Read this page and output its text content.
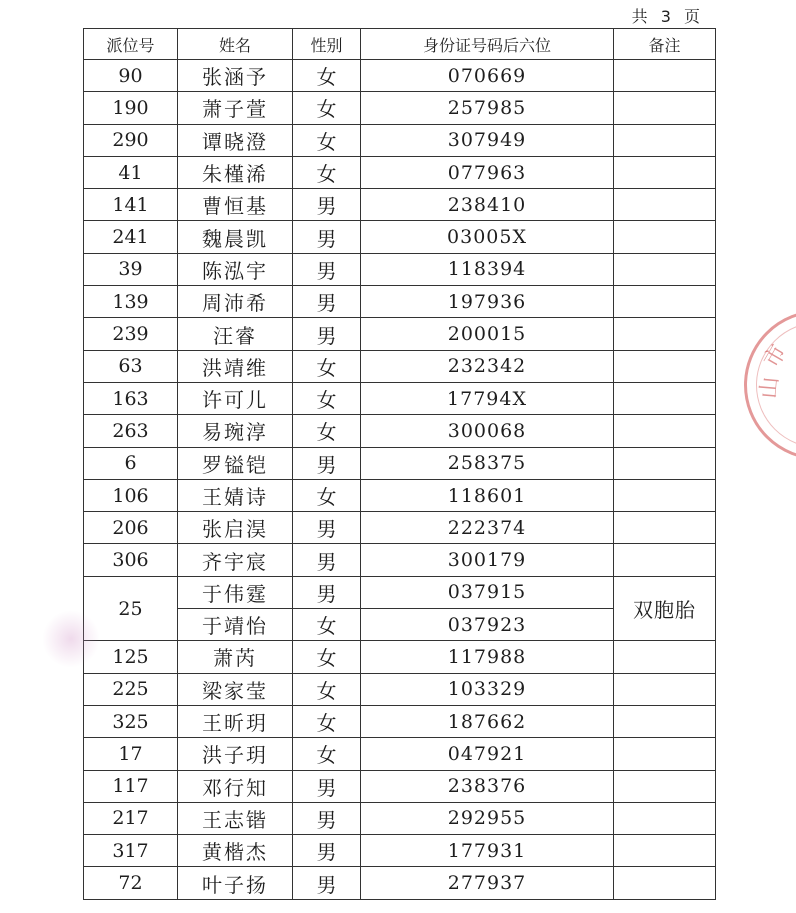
共 3 页
派位号	姓名	性别	身份证号码后六位	备注
90	张涵予	女	070669	
190	萧子萱	女	257985	
290	谭晓澄	女	307949	
41	朱槿浠	女	077963	
141	曹恒基	男	238410	
241	魏晨凯	男	03005X	
39	陈泓宇	男	118394	
139	周沛希	男	197936	
239	汪睿	男	200015	
63	洪靖维	女	232342	
163	许可儿	女	17794X	
263	易琬淳	女	300068	
6	罗镒铠	男	258375	
106	王婧诗	女	118601	
206	张启淏	男	222374	
306	齐宇宸	男	300179	
25	于伟霆	男	037915	双胞胎
	于靖怡	女	037923	
125	萧芮	女	117988	
225	梁家莹	女	103329	
325	王昕玥	女	187662	
17	洪子玥	女	047921	
117	邓行知	男	238376	
217	王志锴	男	292955	
317	黄楷杰	男	177931	
72	叶子扬	男	277937	
市
山
